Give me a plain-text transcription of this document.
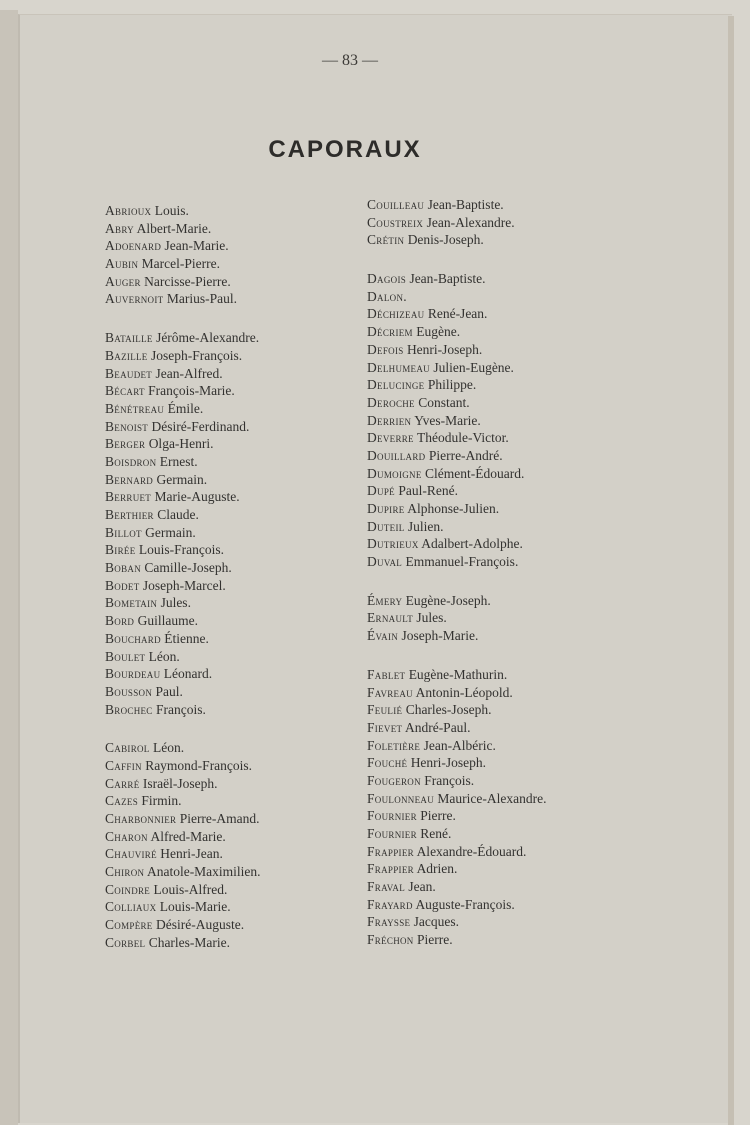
— 83 —
CAPORAUX
Abrioux Louis.
Abry Albert-Marie.
Adoenard Jean-Marie.
Aubin Marcel-Pierre.
Auger Narcisse-Pierre.
Auvernoit Marius-Paul.
Bataille Jérôme-Alexandre.
Bazille Joseph-François.
Beaudet Jean-Alfred.
Bécart François-Marie.
Bénétreau Émile.
Benoist Désiré-Ferdinand.
Berger Olga-Henri.
Boisdron Ernest.
Bernard Germain.
Berruet Marie-Auguste.
Berthier Claude.
Billot Germain.
Birée Louis-François.
Boban Camille-Joseph.
Bodet Joseph-Marcel.
Bometain Jules.
Bord Guillaume.
Bouchard Étienne.
Boulet Léon.
Bourdeau Léonard.
Bousson Paul.
Brochec François.
Cabirol Léon.
Caffin Raymond-François.
Carré Israël-Joseph.
Cazes Firmin.
Charbonnier Pierre-Amand.
Charon Alfred-Marie.
Chauviré Henri-Jean.
Chiron Anatole-Maximilien.
Coindre Louis-Alfred.
Colliaux Louis-Marie.
Compère Désiré-Auguste.
Corbel Charles-Marie.
Couilleau Jean-Baptiste.
Coustreix Jean-Alexandre.
Crétin Denis-Joseph.
Dagois Jean-Baptiste.
Dalon.
Déchizeau René-Jean.
Décriem Eugène.
Defois Henri-Joseph.
Delhumeau Julien-Eugène.
Delucinge Philippe.
Deroche Constant.
Derrien Yves-Marie.
Deverre Théodule-Victor.
Douillard Pierre-André.
Dumoigne Clément-Édouard.
Dupé Paul-René.
Dupire Alphonse-Julien.
Duteil Julien.
Dutrieux Adalbert-Adolphe.
Duval Emmanuel-François.
Émery Eugène-Joseph.
Ernault Jules.
Évain Joseph-Marie.
Fablet Eugène-Mathurin.
Favreau Antonin-Léopold.
Feulié Charles-Joseph.
Fievet André-Paul.
Foletière Jean-Albéric.
Fouché Henri-Joseph.
Fougeron François.
Foulonneau Maurice-Alexandre.
Fournier Pierre.
Fournier René.
Frappier Alexandre-Édouard.
Frappier Adrien.
Fraval Jean.
Frayard Auguste-François.
Fraysse Jacques.
Fréchon Pierre.
